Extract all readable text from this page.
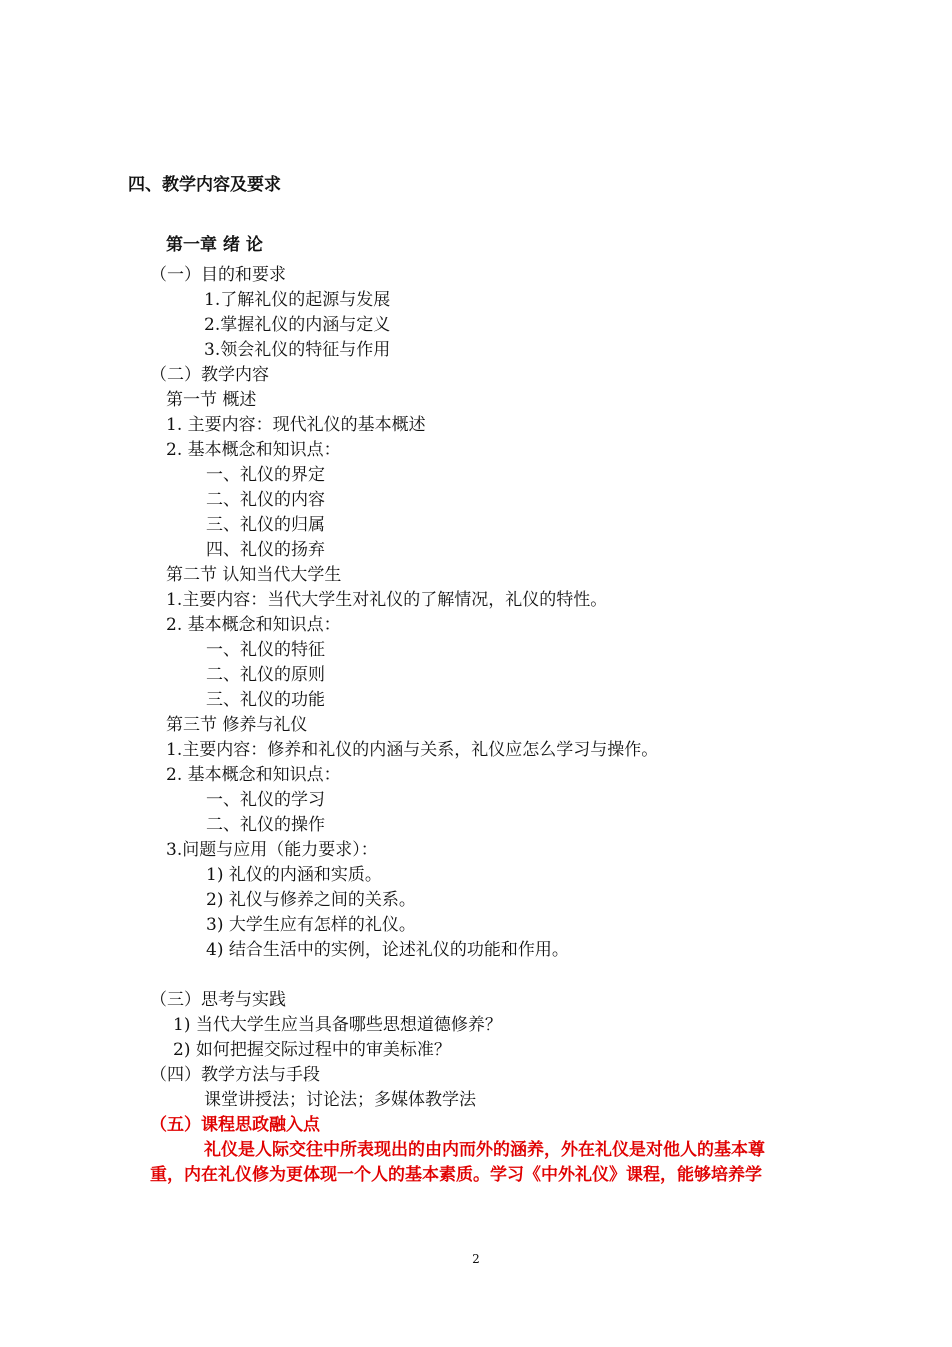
四、教学内容及要求
第一章 绪 论
（一）目的和要求
1.了解礼仪的起源与发展
2.掌握礼仪的内涵与定义
3.领会礼仪的特征与作用
（二）教学内容
第一节 概述
1. 主要内容：现代礼仪的基本概述
2. 基本概念和知识点：
一、礼仪的界定
二、礼仪的内容
三、礼仪的归属
四、礼仪的扬弃
第二节 认知当代大学生
1.主要内容：当代大学生对礼仪的了解情况，礼仪的特性。
2. 基本概念和知识点：
一、礼仪的特征
二、礼仪的原则
三、礼仪的功能
第三节 修养与礼仪
1.主要内容：修养和礼仪的内涵与关系，礼仪应怎么学习与操作。
2. 基本概念和知识点：
一、礼仪的学习
二、礼仪的操作
3.问题与应用（能力要求）：
1) 礼仪的内涵和实质。
2) 礼仪与修养之间的关系。
3) 大学生应有怎样的礼仪。
4) 结合生活中的实例，论述礼仪的功能和作用。
（三）思考与实践
1) 当代大学生应当具备哪些思想道德修养？
2) 如何把握交际过程中的审美标准？
（四）教学方法与手段
课堂讲授法；讨论法；多媒体教学法
（五）课程思政融入点
礼仪是人际交往中所表现出的由内而外的涵养，外在礼仪是对他人的基本尊
重，内在礼仪修为更体现一个人的基本素质。学习《中外礼仪》课程，能够培养学
2
